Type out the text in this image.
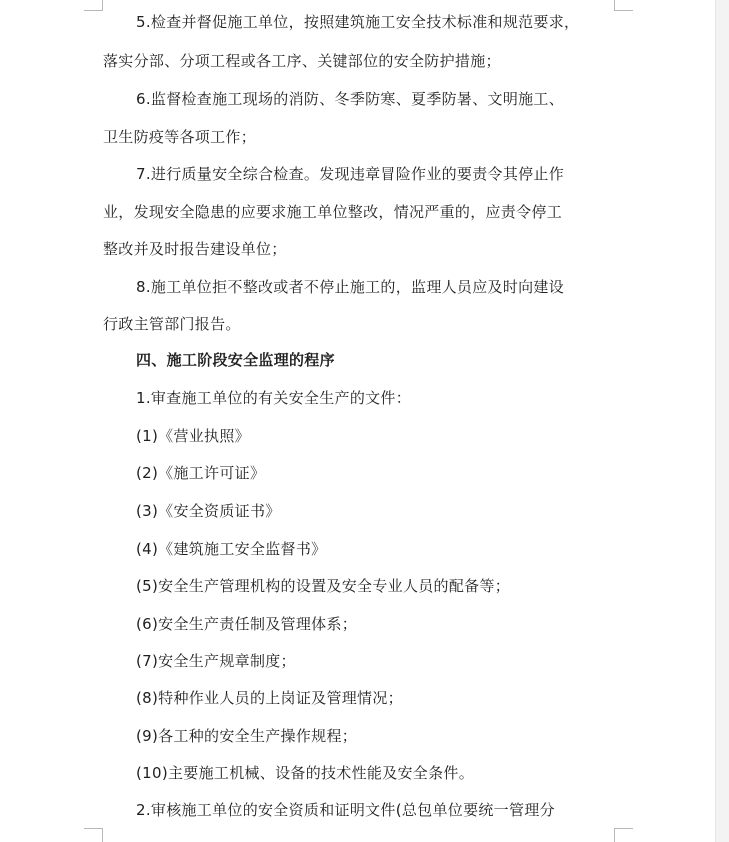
5.检查并督促施工单位，按照建筑施工安全技术标准和规范要求，
落实分部、分项工程或各工序、关键部位的安全防护措施；
6.监督检查施工现场的消防、冬季防寒、夏季防暑、文明施工、
卫生防疫等各项工作；
7.进行质量安全综合检查。发现违章冒险作业的要责令其停止作
业，发现安全隐患的应要求施工单位整改，情况严重的，应责令停工
整改并及时报告建设单位；
8.施工单位拒不整改或者不停止施工的，监理人员应及时向建设
行政主管部门报告。
四、施工阶段安全监理的程序
1.审查施工单位的有关安全生产的文件：
(1)《营业执照》
(2)《施工许可证》
(3)《安全资质证书》
(4)《建筑施工安全监督书》
(5)安全生产管理机构的设置及安全专业人员的配备等；
(6)安全生产责任制及管理体系；
(7)安全生产规章制度；
(8)特种作业人员的上岗证及管理情况；
(9)各工种的安全生产操作规程；
(10)主要施工机械、设备的技术性能及安全条件。
2.审核施工单位的安全资质和证明文件(总包单位要统一管理分
